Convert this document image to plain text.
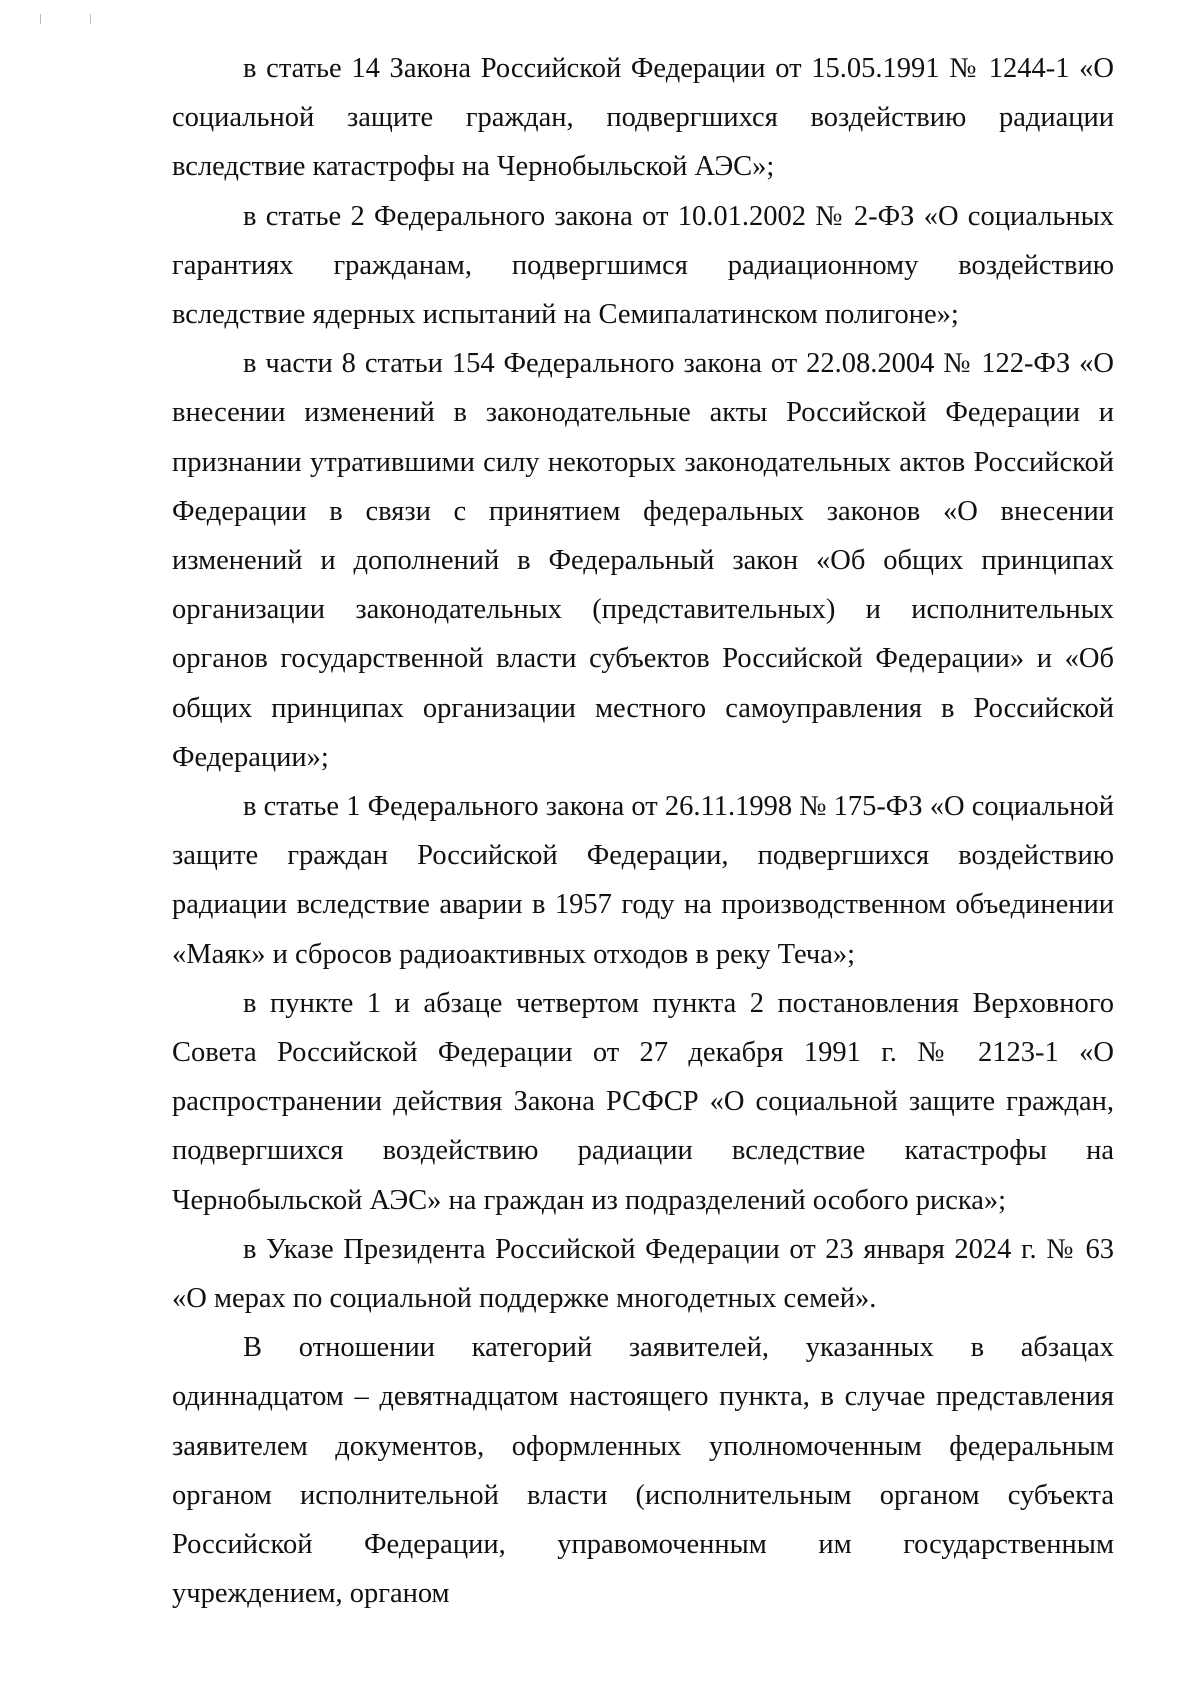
в статье 14 Закона Российской Федерации от 15.05.1991 № 1244-1 «О социальной защите граждан, подвергшихся воздействию радиации вследствие катастрофы на Чернобыльской АЭС»;

в статье 2 Федерального закона от 10.01.2002 № 2-ФЗ «О социальных гарантиях гражданам, подвергшимся радиационному воздействию вследствие ядерных испытаний на Семипалатинском полигоне»;

в части 8 статьи 154 Федерального закона от 22.08.2004 № 122-ФЗ «О внесении изменений в законодательные акты Российской Федерации и признании утратившими силу некоторых законодательных актов Российской Федерации в связи с принятием федеральных законов «О внесении изменений и дополнений в Федеральный закон «Об общих принципах организации законодательных (представительных) и исполнительных органов государственной власти субъектов Российской Федерации» и «Об общих принципах организации местного самоуправления в Российской Федерации»;

в статье 1 Федерального закона от 26.11.1998 № 175-ФЗ «О социальной защите граждан Российской Федерации, подвергшихся воздействию радиации вследствие аварии в 1957 году на производственном объединении «Маяк» и сбросов радиоактивных отходов в реку Теча»;

в пункте 1 и абзаце четвертом пункта 2 постановления Верховного Совета Российской Федерации от 27 декабря 1991 г. № 2123-1 «О распространении действия Закона РСФСР «О социальной защите граждан, подвергшихся воздействию радиации вследствие катастрофы на Чернобыльской АЭС» на граждан из подразделений особого риска»;

в Указе Президента Российской Федерации от 23 января 2024 г. № 63 «О мерах по социальной поддержке многодетных семей».

В отношении категорий заявителей, указанных в абзацах одиннадцатом – девятнадцатом настоящего пункта, в случае представления заявителем документов, оформленных уполномоченным федеральным органом исполнительной власти (исполнительным органом субъекта Российской Федерации, управомоченным им государственным учреждением, органом
